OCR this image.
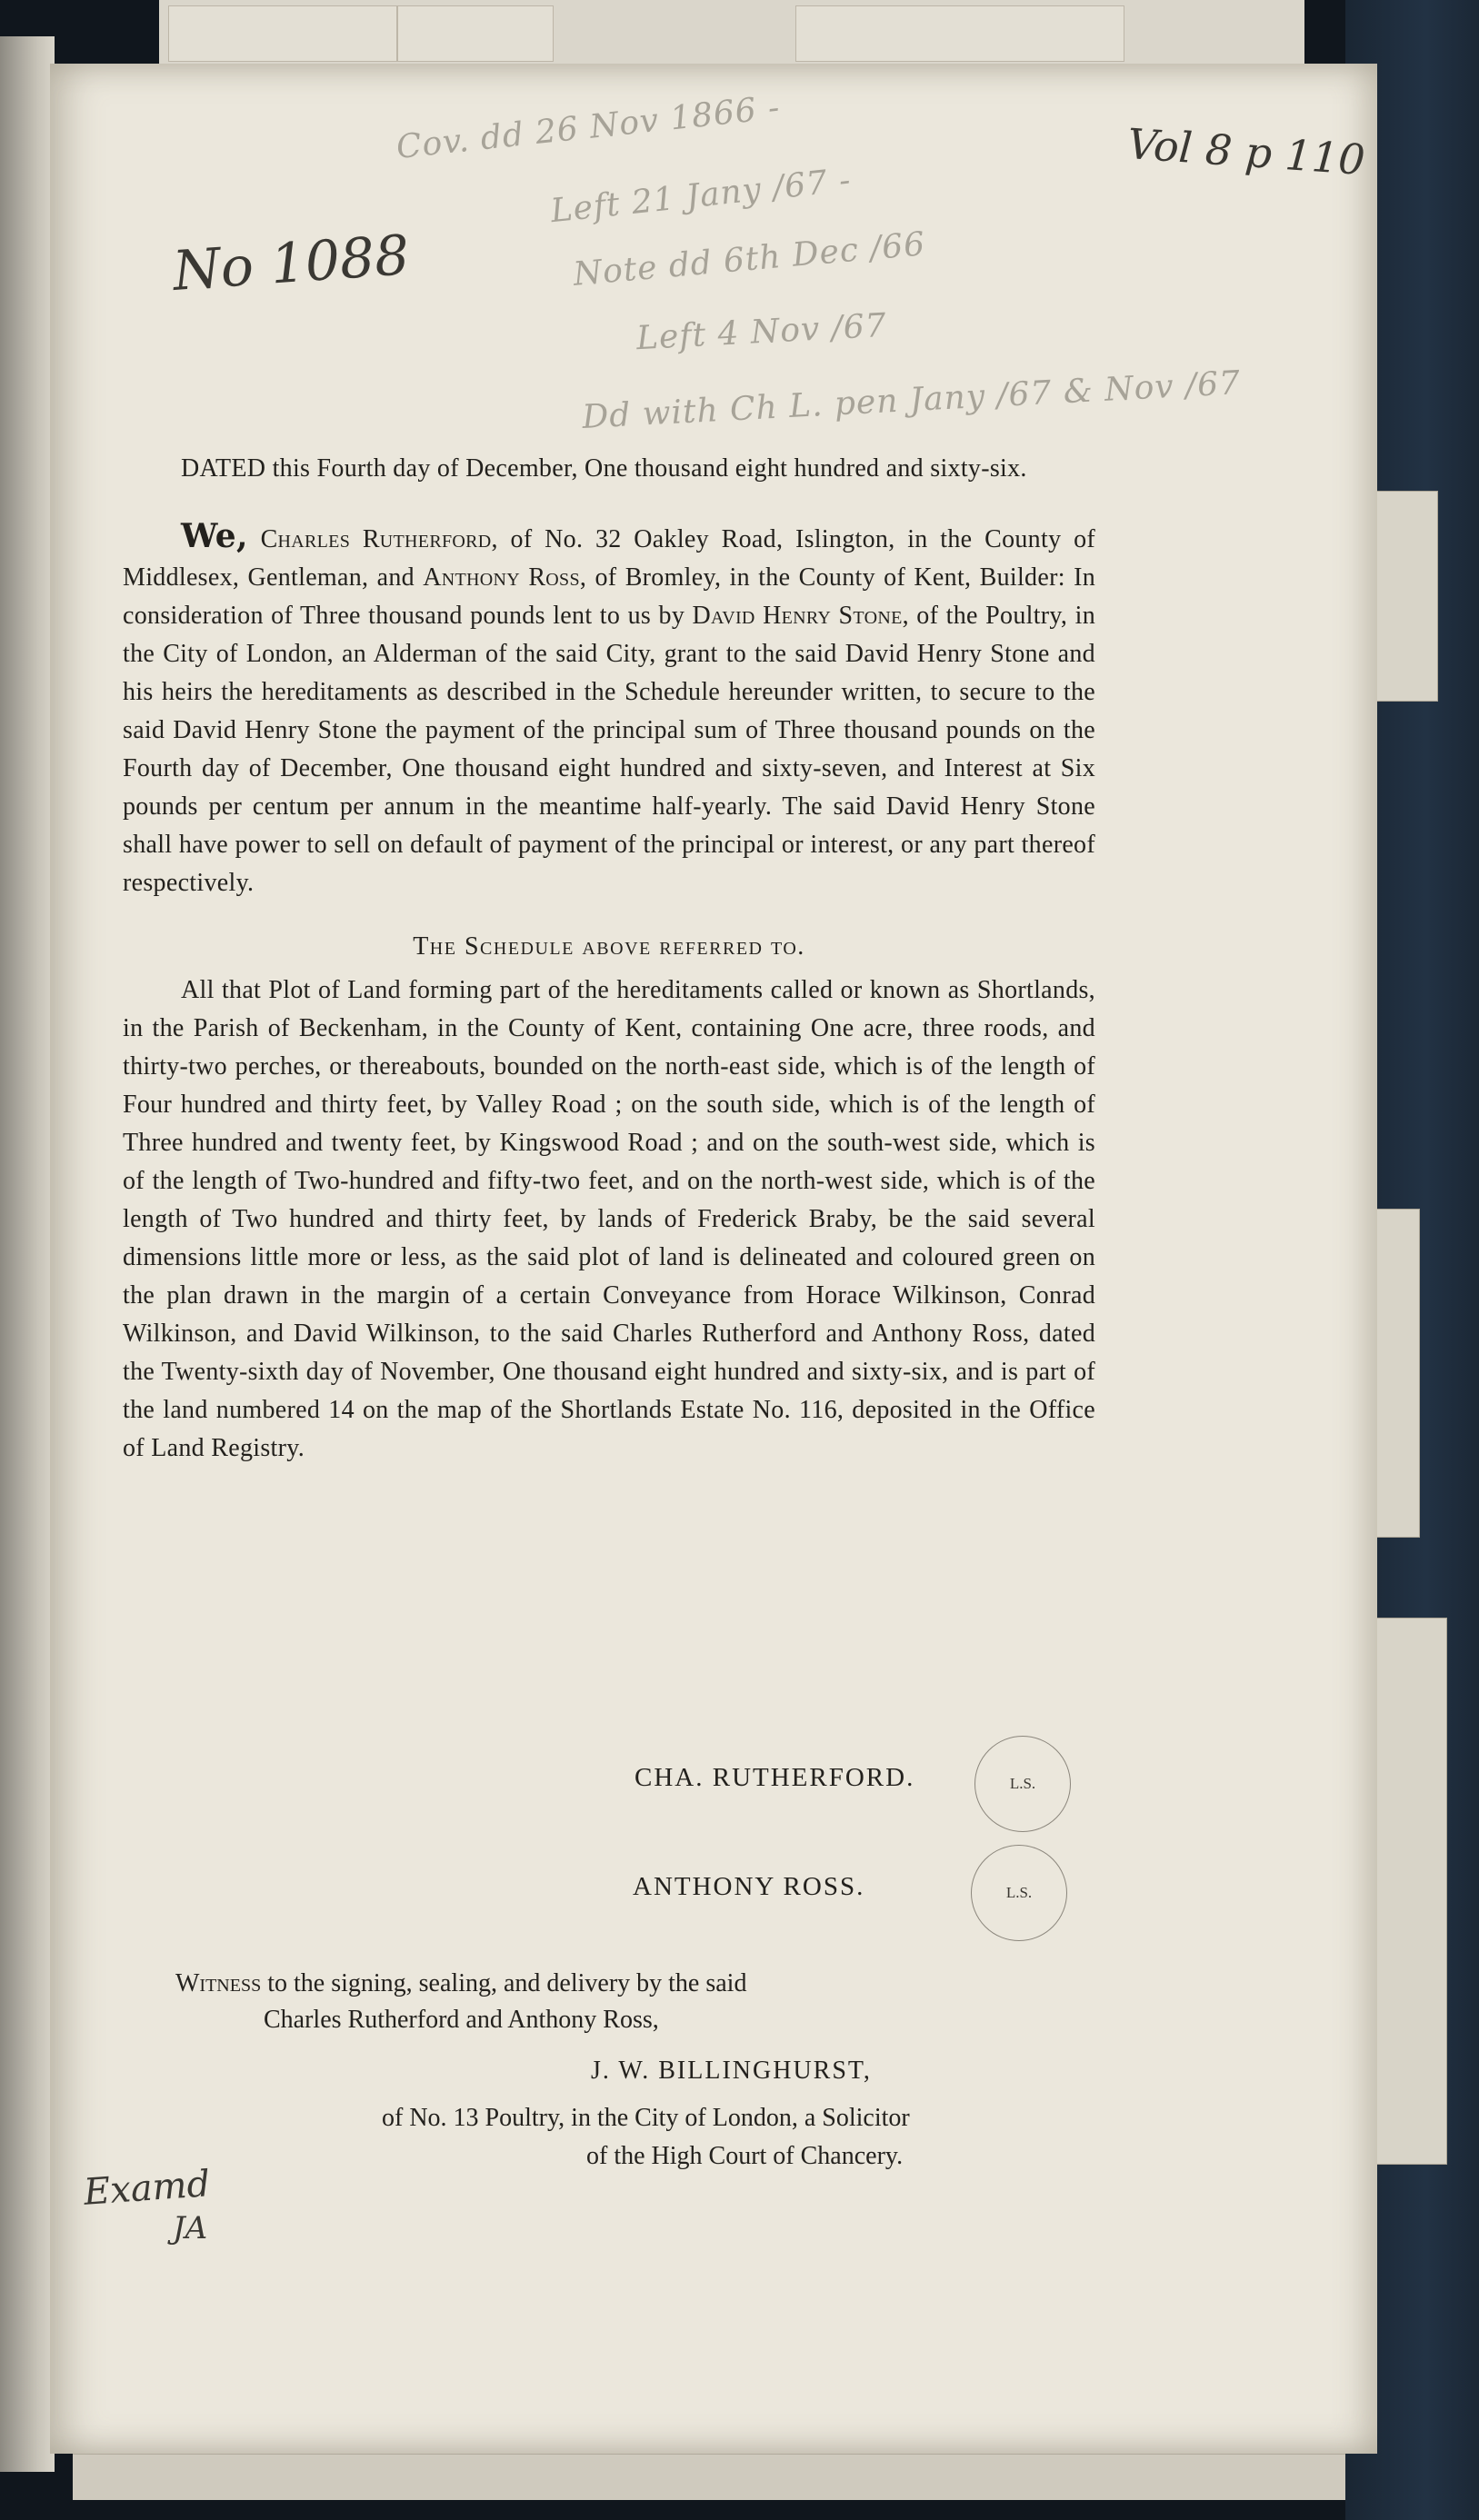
No 1088
Vol 8 p 110
Cov. dd 26 Nov 1866 -
Left 21 Jany /67 -
Note dd 6th Dec /66
Left 4 Nov /67
Dd with Ch L. pen Jany /67 & Nov /67

DATED this Fourth day of December, One thousand eight hundred and sixty-six.

We, Charles Rutherford, of No. 32 Oakley Road, Islington, in the County of Middlesex, Gentleman, and Anthony Ross, of Bromley, in the County of Kent, Builder: In consideration of Three thousand pounds lent to us by David Henry Stone, of the Poultry, in the City of London, an Alderman of the said City, grant to the said David Henry Stone and his heirs the hereditaments as described in the Schedule hereunder written, to secure to the said David Henry Stone the payment of the principal sum of Three thousand pounds on the Fourth day of December, One thousand eight hundred and sixty-seven, and Interest at Six pounds per centum per annum in the meantime half-yearly. The said David Henry Stone shall have power to sell on default of payment of the principal or interest, or any part thereof respectively.

The Schedule above referred to.

All that Plot of Land forming part of the hereditaments called or known as Shortlands, in the Parish of Beckenham, in the County of Kent, containing One acre, three roods, and thirty-two perches, or thereabouts, bounded on the north-east side, which is of the length of Four hundred and thirty feet, by Valley Road ; on the south side, which is of the length of Three hundred and twenty feet, by Kingswood Road ; and on the south-west side, which is of the length of Two-hundred and fifty-two feet, and on the north-west side, which is of the length of Two hundred and thirty feet, by lands of Frederick Braby, be the said several dimensions little more or less, as the said plot of land is delineated and coloured green on the plan drawn in the margin of a certain Conveyance from Horace Wilkinson, Conrad Wilkinson, and David Wilkinson, to the said Charles Rutherford and Anthony Ross, dated the Twenty-sixth day of November, One thousand eight hundred and sixty-six, and is part of the land numbered 14 on the map of the Shortlands Estate No. 116, deposited in the Office of Land Registry.

CHA. RUTHERFORD.	L.S.
ANTHONY ROSS.	L.S.
Witness to the signing, sealing, and delivery by the said
Charles Rutherford and Anthony Ross,
J. W. BILLINGHURST,
of No. 13 Poultry, in the City of London, a Solicitor
of the High Court of Chancery.
Examd
JA
